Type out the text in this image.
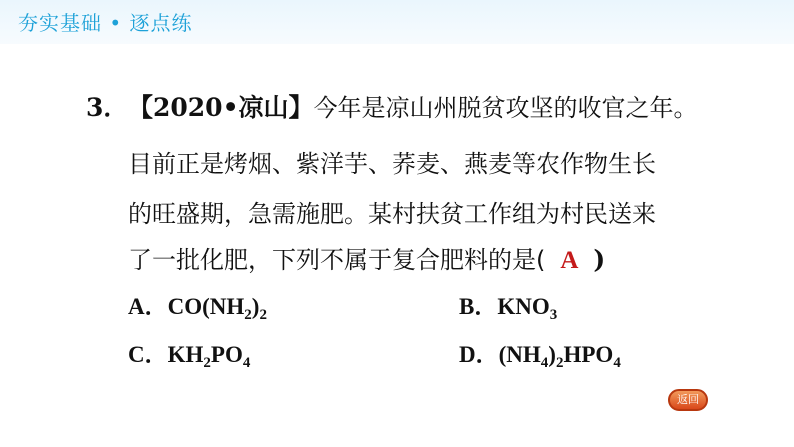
夯实基础 • 逐点练
3． 【2020•凉山】今年是凉山州脱贫攻坚的收官之年。
目前正是烤烟、紫洋芋、荞麦、燕麦等农作物生长
的旺盛期，急需施肥。某村扶贫工作组为村民送来
了一批化肥，下列不属于复合肥料的是( A )
A．$CO(NH_2)_2$	B．$KNO_3$
C．$KH_2PO_4$	D．$(NH_4)_2HPO_4$
返回
